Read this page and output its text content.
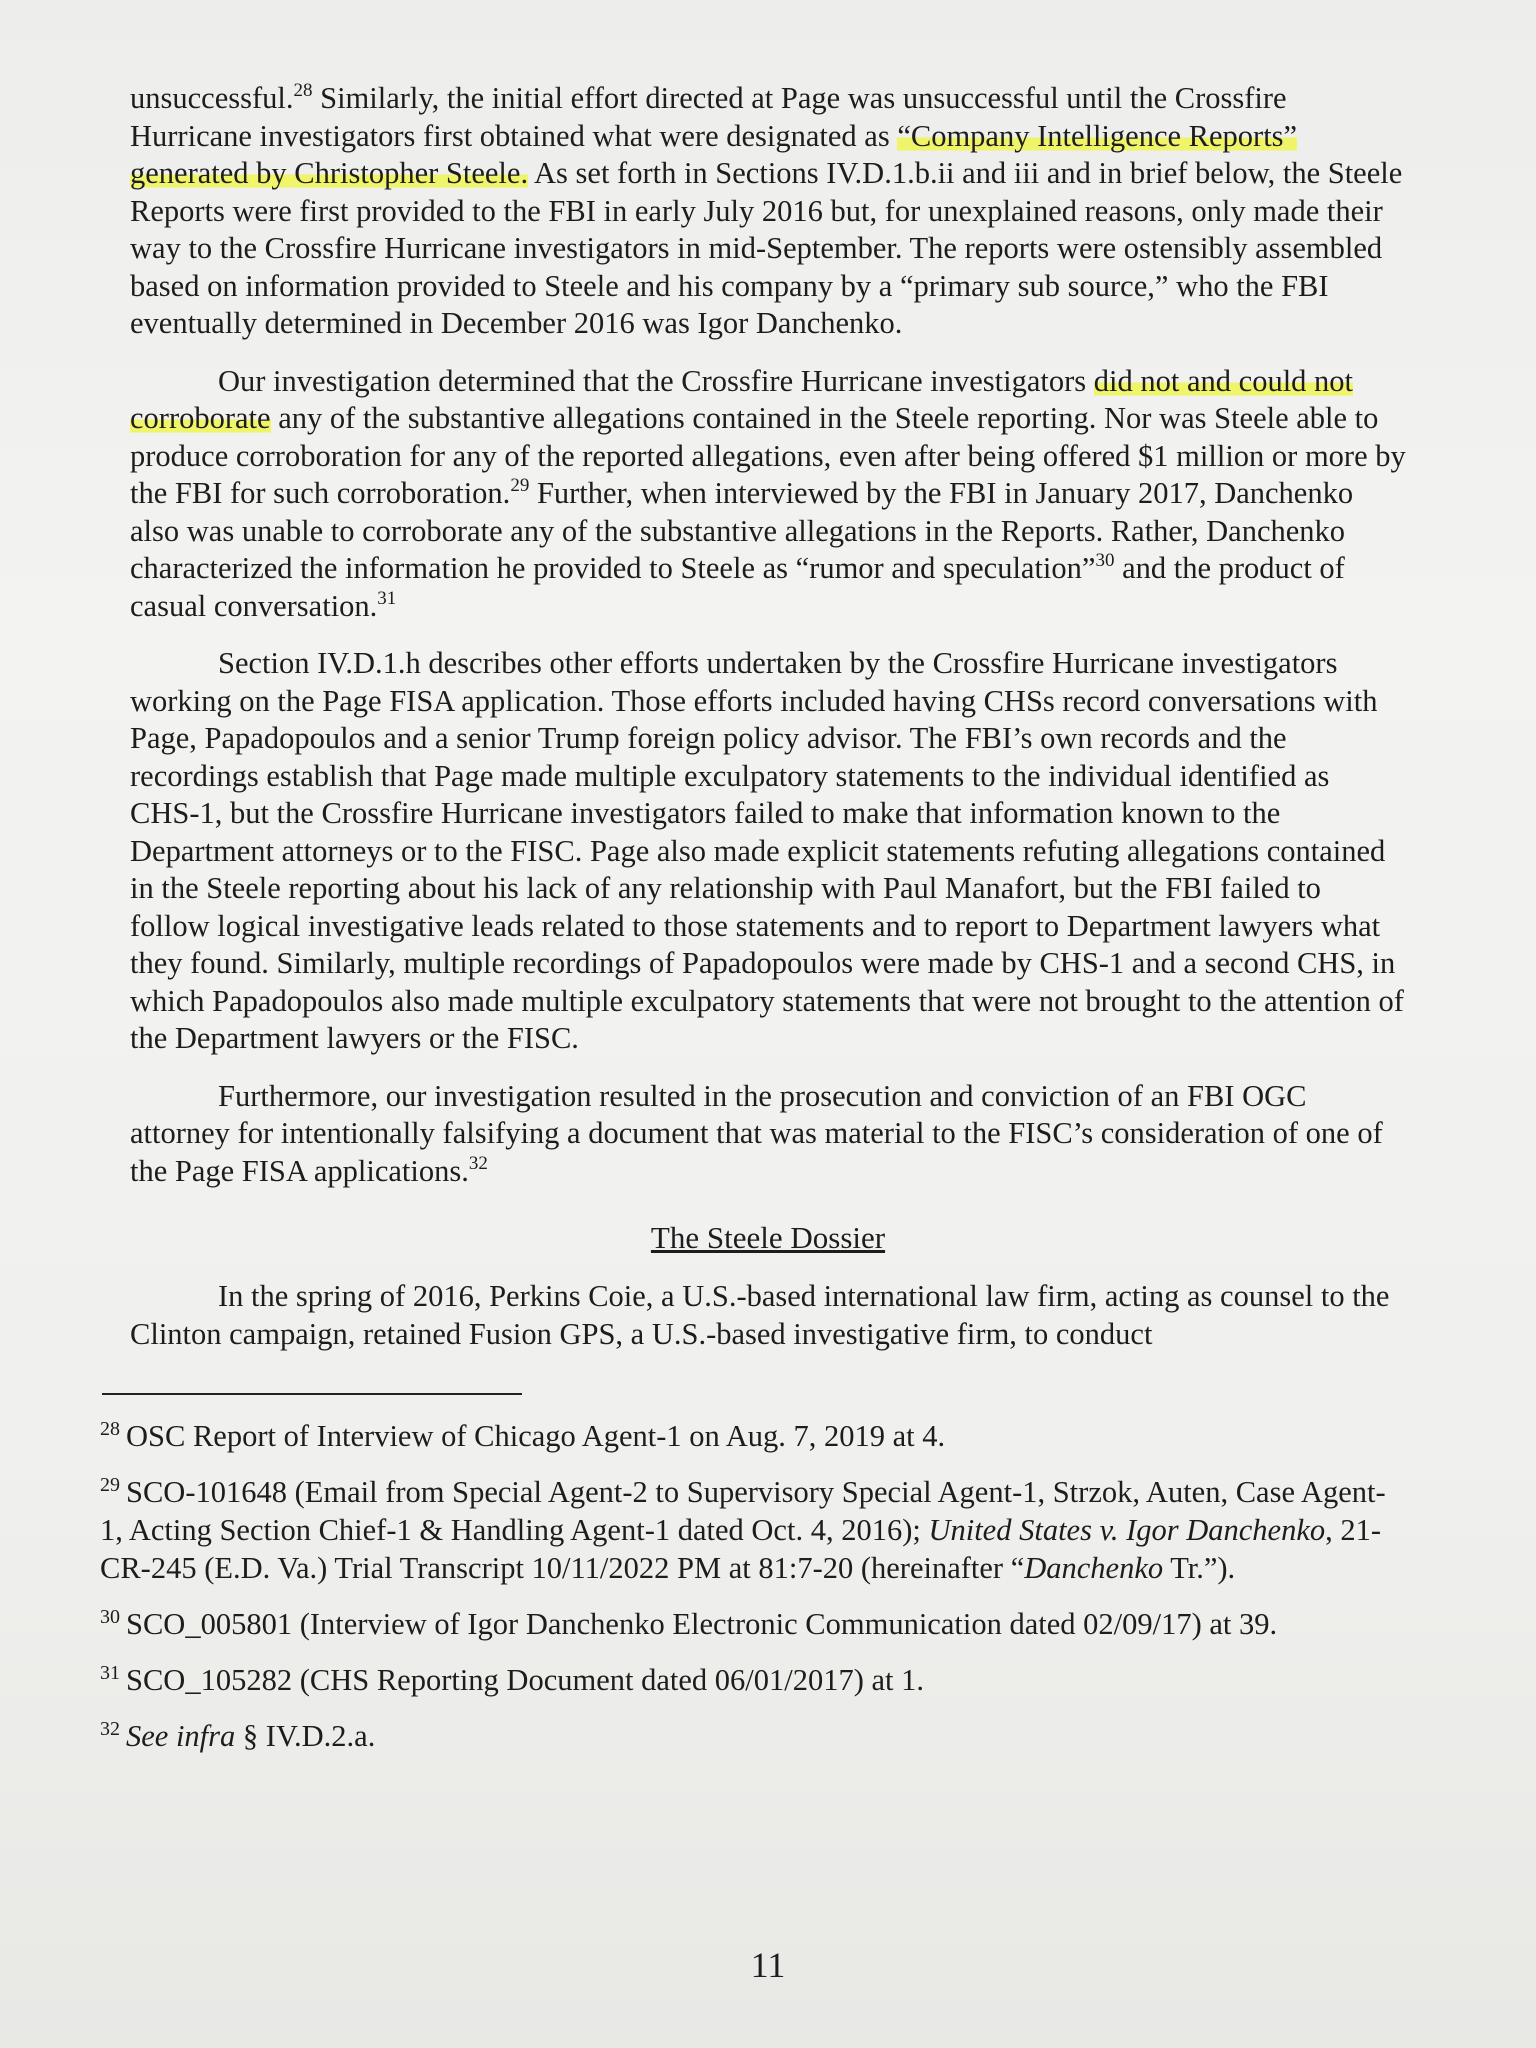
unsuccessful.$^{28}$ Similarly, the initial effort directed at Page was unsuccessful until the Crossfire Hurricane investigators first obtained what were designated as “Company Intelligence Reports” generated by Christopher Steele. As set forth in Sections IV.D.1.b.ii and iii and in brief below, the Steele Reports were first provided to the FBI in early July 2016 but, for unexplained reasons, only made their way to the Crossfire Hurricane investigators in mid-September. The reports were ostensibly assembled based on information provided to Steele and his company by a “primary sub source,” who the FBI eventually determined in December 2016 was Igor Danchenko.

Our investigation determined that the Crossfire Hurricane investigators did not and could not corroborate any of the substantive allegations contained in the Steele reporting. Nor was Steele able to produce corroboration for any of the reported allegations, even after being offered $1 million or more by the FBI for such corroboration.$^{29}$ Further, when interviewed by the FBI in January 2017, Danchenko also was unable to corroborate any of the substantive allegations in the Reports. Rather, Danchenko characterized the information he provided to Steele as “rumor and speculation”$^{30}$ and the product of casual conversation.$^{31}$

Section IV.D.1.h describes other efforts undertaken by the Crossfire Hurricane investigators working on the Page FISA application. Those efforts included having CHSs record conversations with Page, Papadopoulos and a senior Trump foreign policy advisor. The FBI’s own records and the recordings establish that Page made multiple exculpatory statements to the individual identified as CHS-1, but the Crossfire Hurricane investigators failed to make that information known to the Department attorneys or to the FISC. Page also made explicit statements refuting allegations contained in the Steele reporting about his lack of any relationship with Paul Manafort, but the FBI failed to follow logical investigative leads related to those statements and to report to Department lawyers what they found. Similarly, multiple recordings of Papadopoulos were made by CHS-1 and a second CHS, in which Papadopoulos also made multiple exculpatory statements that were not brought to the attention of the Department lawyers or the FISC.

Furthermore, our investigation resulted in the prosecution and conviction of an FBI OGC attorney for intentionally falsifying a document that was material to the FISC’s consideration of one of the Page FISA applications.$^{32}$

The Steele Dossier

In the spring of 2016, Perkins Coie, a U.S.-based international law firm, acting as counsel to the Clinton campaign, retained Fusion GPS, a U.S.-based investigative firm, to conduct

$^{28}$ OSC Report of Interview of Chicago Agent-1 on Aug. 7, 2019 at 4.

$^{29}$ SCO-101648 (Email from Special Agent-2 to Supervisory Special Agent-1, Strzok, Auten, Case Agent-1, Acting Section Chief-1 & Handling Agent-1 dated Oct. 4, 2016); United States v. Igor Danchenko, 21-CR-245 (E.D. Va.) Trial Transcript 10/11/2022 PM at 81:7-20 (hereinafter “Danchenko Tr.”).

$^{30}$ SCO_005801 (Interview of Igor Danchenko Electronic Communication dated 02/09/17) at 39.

$^{31}$ SCO_105282 (CHS Reporting Document dated 06/01/2017) at 1.

$^{32}$ See infra § IV.D.2.a.

11
